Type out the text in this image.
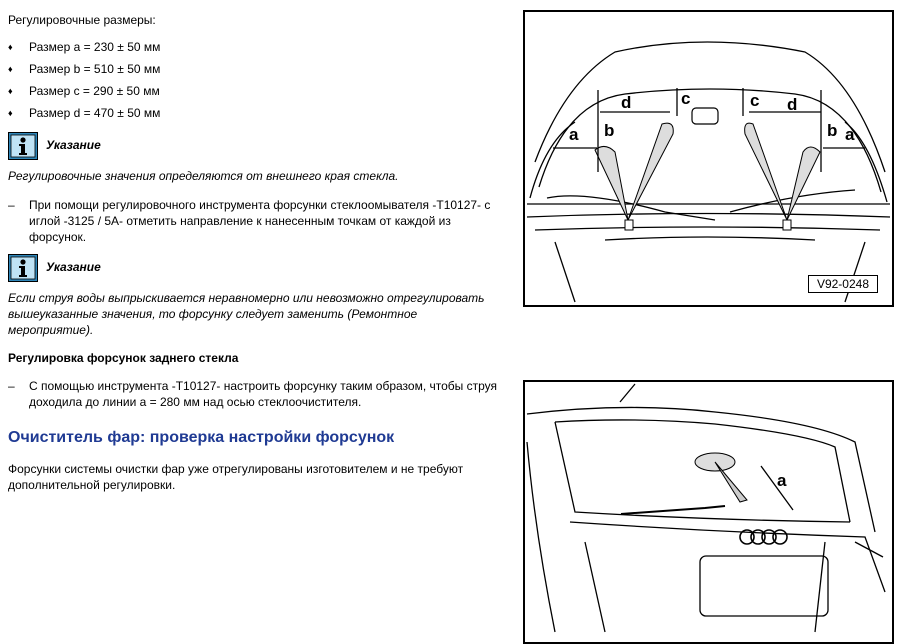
Регулировочные размеры:
♦	Размер a = 230 ± 50 мм
♦	Размер b = 510 ± 50 мм
♦	Размер c = 290 ± 50 мм
♦	Размер d = 470 ± 50 мм
Указание
Регулировочные значения определяются от внешнего края стекла.
– При помощи регулировочного инструмента форсунки стеклоомывателя -T10127- с иглой -3125 / 5A- отметить направление к нанесенным точкам от каждой из форсунок.
Указание
Если струя воды выпрыскивается неравномерно или невозможно отрегулировать вышеуказанные значения, то форсунку следует заменить (Ремонтное мероприятие).
Регулировка форсунок заднего стекла
– С помощью инструмента -T10127- настроить форсунку таким образом, чтобы струя доходила до линии a = 280 мм над осью стеклоочистителя.
Очиститель фар: проверка настройки форсунок
Форсунки системы очистки фар уже отрегулированы изготовителем и не требуют дополнительной регулировки.
a b
d	c	c d
b a
V92-0248
a
